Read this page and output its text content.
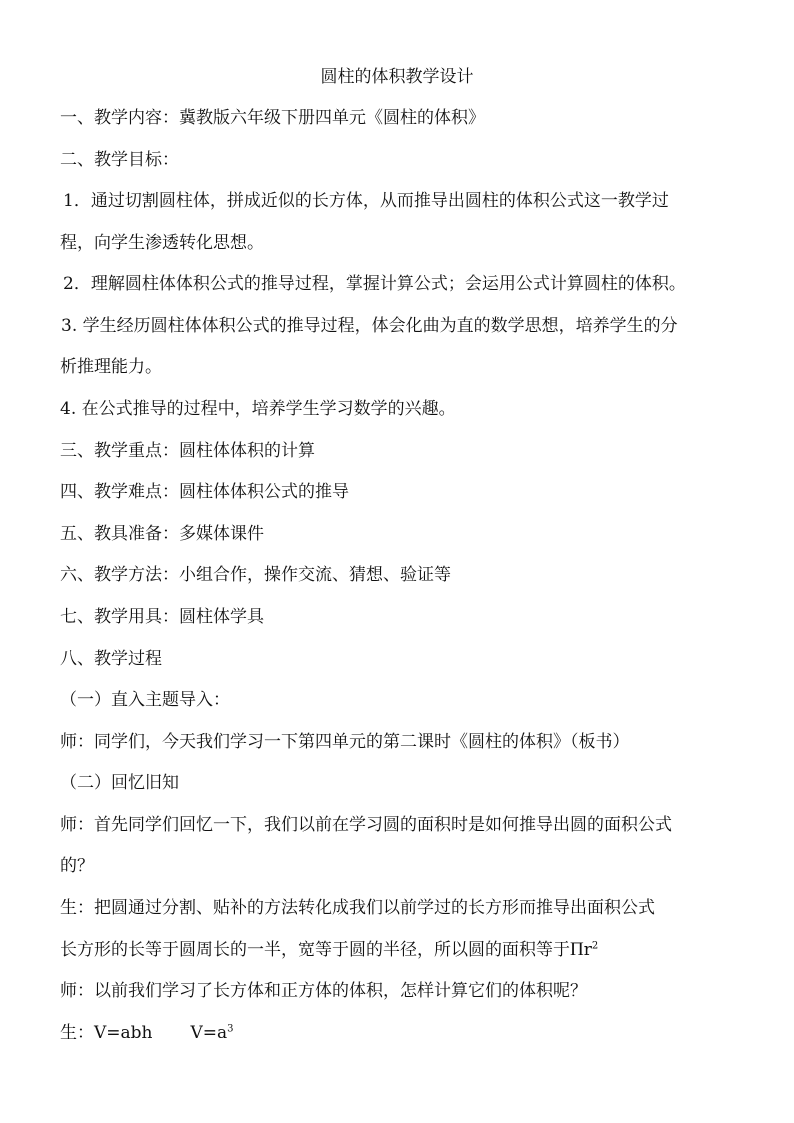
圆柱的体积教学设计
一、教学内容：冀教版六年级下册四单元《圆柱的体积》
二、教学目标：
1．通过切割圆柱体，拼成近似的长方体，从而推导出圆柱的体积公式这一教学过
程，向学生渗透转化思想。
2．理解圆柱体体积公式的推导过程，掌握计算公式；会运用公式计算圆柱的体积。
3. 学生经历圆柱体体积公式的推导过程，体会化曲为直的数学思想，培养学生的分
析推理能力。
4. 在公式推导的过程中，培养学生学习数学的兴趣。
三、教学重点：圆柱体体积的计算
四、教学难点：圆柱体体积公式的推导
五、教具准备：多媒体课件
六、教学方法：小组合作，操作交流、猜想、验证等
七、教学用具：圆柱体学具
八、教学过程
（一）直入主题导入：
师：同学们，今天我们学习一下第四单元的第二课时《圆柱的体积》（板书）
（二）回忆旧知
师：首先同学们回忆一下，我们以前在学习圆的面积时是如何推导出圆的面积公式
的？
生：把圆通过分割、贴补的方法转化成我们以前学过的长方形而推导出面积公式
长方形的长等于圆周长的一半，宽等于圆的半径，所以圆的面积等于$\Pi r^2$
师：以前我们学习了长方体和正方体的体积，怎样计算它们的体积呢？
生：V=abh $V=a^3$
